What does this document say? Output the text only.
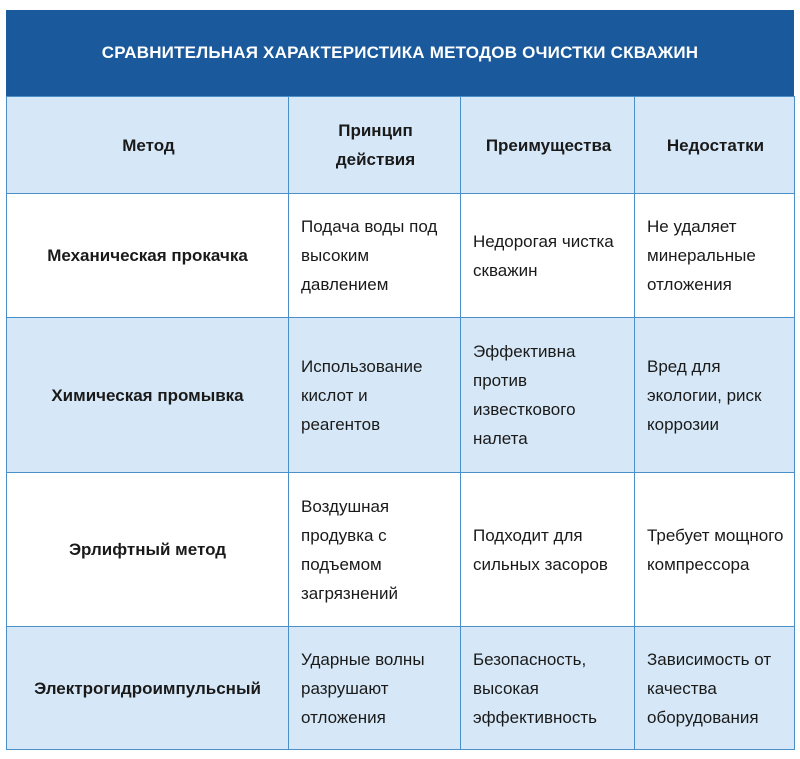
СРАВНИТЕЛЬНАЯ ХАРАКТЕРИСТИКА МЕТОДОВ ОЧИСТКИ СКВАЖИН
Метод	Принцип действия	Преимущества	Недостатки
Механическая прокачка	Подача воды под высоким давлением	Недорогая чистка скважин	Не удаляет минеральные отложения
Химическая промывка	Использование кислот и реагентов	Эффективна против известкового налета	Вред для экологии, риск коррозии
Эрлифтный метод	Воздушная продувка с подъемом загрязнений	Подходит для сильных засоров	Требует мощного компрессора
Электрогидроимпульсный	Ударные волны разрушают отложения	Безопасность, высокая эффективность	Зависимость от качества оборудования
